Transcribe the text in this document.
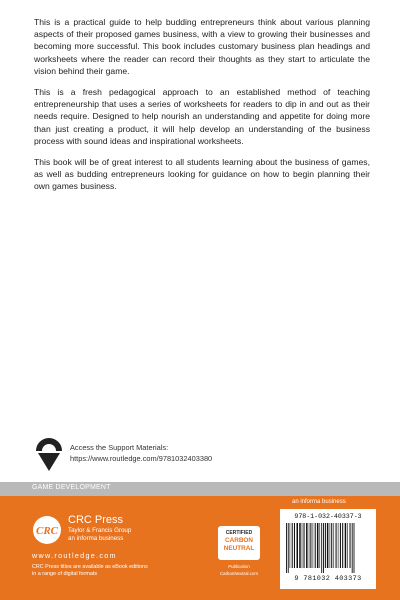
This is a practical guide to help budding entrepreneurs think about various planning aspects of their proposed games business, with a view to growing their businesses and becoming more successful. This book includes customary business plan headings and worksheets where the reader can record their thoughts as they start to articulate the vision behind their game.

This is a fresh pedagogical approach to an established method of teaching entrepreneurship that uses a series of worksheets for readers to dip in and out as their needs require. Designed to help nourish an understanding and appetite for doing more than just creating a product, it will help develop an understanding of the business process with sound ideas and inspirational worksheets.

This book will be of great interest to all students learning about the business of games, as well as budding entrepreneurs looking for guidance on how to begin planning their own games business.

Access the Support Materials:
https://www.routledge.com/9781032403380
GAME DEVELOPMENT
CRC
CRC Press
Taylor & Francis Group
an informa business
www.routledge.com
CRC Press titles are available as eBook editions
in a range of digital formats
CERTIFIED
CARBON
NEUTRAL
Publication
CarbonNeutral.com
an informa business
978-1-032-40337-3
9 781032 403373
